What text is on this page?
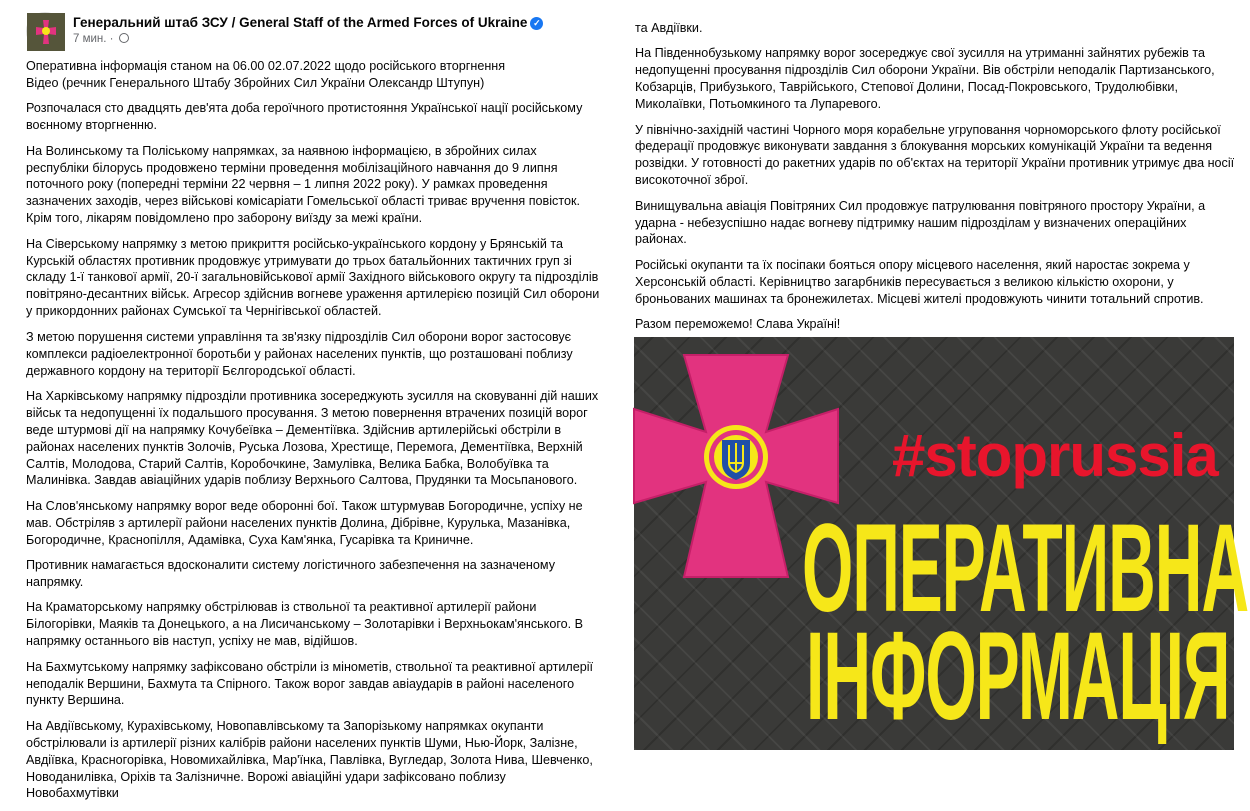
Генеральний штаб ЗСУ / General Staff of the Armed Forces of Ukraine ✓
7 мин. ·

Оперативна інформація станом на 06.00 02.07.2022 щодо російського вторгнення
Відео (речник Генерального Штабу Збройних Сил України Олександр Штупун)

Розпочалася сто двадцять дев'ята доба героїчного протистояння Української нації російському воєнному вторгненню.

На Волинському та Поліському напрямках, за наявною інформацією, в збройних силах республіки білорусь продовжено терміни проведення мобілізаційного навчання до 9 липня поточного року (попередні терміни 22 червня – 1 липня 2022 року). У рамках проведення зазначених заходів, через військові комісаріати Гомельської області триває вручення повісток. Крім того, лікарям повідомлено про заборону виїзду за межі країни.

На Сіверському напрямку з метою прикриття російсько-українського кордону у Брянській та Курській областях противник продовжує утримувати до трьох батальйонних тактичних груп зі складу 1-ї танкової армії, 20-ї загальновійськової армії Західного військового округу та підрозділів повітряно-десантних військ. Агресор здійснив вогневе ураження артилерією позицій Сил оборони у прикордонних районах Сумської та Чернігівської областей.

З метою порушення системи управління та зв'язку підрозділів Сил оборони ворог застосовує комплекси радіоелектронної боротьби у районах населених пунктів, що розташовані поблизу державного кордону на території Бєлгородської області.

На Харківському напрямку підрозділи противника зосереджують зусилля на сковуванні дій наших військ та недопущенні їх подальшого просування. З метою повернення втрачених позицій ворог веде штурмові дії на напрямку Кочубеївка – Дементіївка. Здійснив артилерійські обстріли в районах населених пунктів Золочів, Руська Лозова, Хрестище, Перемога, Дементіївка, Верхній Салтів, Молодова, Старий Салтів, Коробочкине, Замулівка, Велика Бабка, Волобуївка та Малинівка. Завдав авіаційних ударів поблизу Верхнього Салтова, Прудянки та Мосьпанового.

На Слов'янському напрямку ворог веде оборонні бої. Також штурмував Богородичне, успіху не мав. Обстріляв з артилерії райони населених пунктів Долина, Дібрівне, Курулька, Мазанівка, Богородичне, Краснопілля, Адамівка, Суха Кам'янка, Гусарівка та Криничне.

Противник намагається вдосконалити систему логістичного забезпечення на зазначеному напрямку.

На Краматорському напрямку обстрілював із ствольної та реактивної артилерії райони Білогорівки, Маяків та Донецького, а на Лисичанському – Золотарівки і Верхньокам'янського. В напрямку останнього вів наступ, успіху не мав, відійшов.

На Бахмутському напрямку зафіксовано обстріли із мінометів, ствольної та реактивної артилерії неподалік Вершини, Бахмута та Спірного. Також ворог завдав авіаударів в районі населеного пункту Вершина.

На Авдіївському, Курахівському, Новопавлівському та Запорізькому напрямках окупанти обстрілювали із артилерії різних калібрів райони населених пунктів Шуми, Нью-Йорк, Залізне, Авдіївка, Красногорівка, Новомихайлівка, Мар'їнка, Павлівка, Вугледар, Золота Нива, Шевченко, Новоданилівка, Оріхів та Залізничне. Ворожі авіаційні удари зафіксовано поблизу Новобахмутівки

та Авдіївки.

На Південнобузькому напрямку ворог зосереджує свої зусилля на утриманні зайнятих рубежів та недопущенні просування підрозділів Сил оборони України. Вів обстріли неподалік Партизанського, Кобзарців, Прибузького, Таврійського, Степової Долини, Посад-Покровського, Трудолюбівки, Миколаївки, Потьомкиного та Лупаревого.

У північно-західній частині Чорного моря корабельне угруповання чорноморського флоту російської федерації продовжує виконувати завдання з блокування морських комунікацій України та ведення розвідки. У готовності до ракетних ударів по об'єктах на території України противник утримує два носії високоточної зброї.

Винищувальна авіація Повітряних Сил продовжує патрулювання повітряного простору України, а ударна - небезуспішно надає вогневу підтримку нашим підрозділам у визначених операційних районах.

Російські окупанти та їх посіпаки бояться опору місцевого населення, який наростає зокрема у Херсонській області. Керівництво загарбників пересувається з великою кількістю охорони, у броньованих машинах та бронежилетах. Місцеві жителі продовжують чинити тотальний спротив.

Разом переможемо! Слава Україні!

#stoprussia
ОПЕРАТИВНА
ІНФОРМАЦІЯ
